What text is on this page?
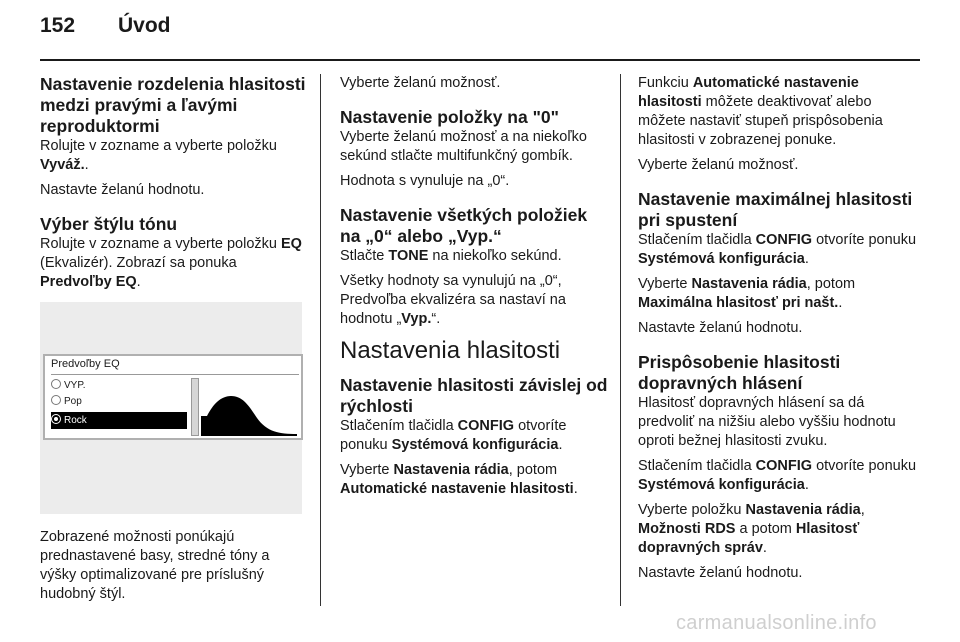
152 Úvod
Nastavenie rozdelenia hlasitosti medzi pravými a ľavými reproduktormi

Rolujte v zozname a vyberte položku Vyváž..

Nastavte želanú hodnotu.

Výber štýlu tónu

Rolujte v zozname a vyberte položku EQ (Ekvalizér). Zobrazí sa ponuka Predvoľby EQ.

Predvoľby EQ
VYP.
Pop
Rock

Zobrazené možnosti ponúkajú prednastavené basy, stredné tóny a výšky optimalizované pre príslušný hudobný štýl.

Vyberte želanú možnosť.

Nastavenie položky na "0"

Vyberte želanú možnosť a na niekoľko sekúnd stlačte multifunkčný gombík.

Hodnota s vynuluje na „0“.

Nastavenie všetkých položiek na „0“ alebo „Vyp.“

Stlačte TONE na niekoľko sekúnd.

Všetky hodnoty sa vynulujú na „0“, Predvoľba ekvalizéra sa nastaví na hodnotu „Vyp.“.

Nastavenia hlasitosti
Nastavenie hlasitosti závislej od rýchlosti

Stlačením tlačidla CONFIG otvoríte ponuku Systémová konfigurácia.

Vyberte Nastavenia rádia, potom Automatické nastavenie hlasitosti.

Funkciu Automatické nastavenie hlasitosti môžete deaktivovať alebo môžete nastaviť stupeň prispôsobenia hlasitosti v zobrazenej ponuke.

Vyberte želanú možnosť.

Nastavenie maximálnej hlasitosti pri spustení

Stlačením tlačidla CONFIG otvoríte ponuku Systémová konfigurácia.

Vyberte Nastavenia rádia, potom Maximálna hlasitosť pri našt..

Nastavte želanú hodnotu.

Prispôsobenie hlasitosti dopravných hlásení

Hlasitosť dopravných hlásení sa dá predvoliť na nižšiu alebo vyššiu hodnotu oproti bežnej hlasitosti zvuku.

Stlačením tlačidla CONFIG otvoríte ponuku Systémová konfigurácia.

Vyberte položku Nastavenia rádia, Možnosti RDS a potom Hlasitosť dopravných správ.

Nastavte želanú hodnotu.

carmanualsonline.info
